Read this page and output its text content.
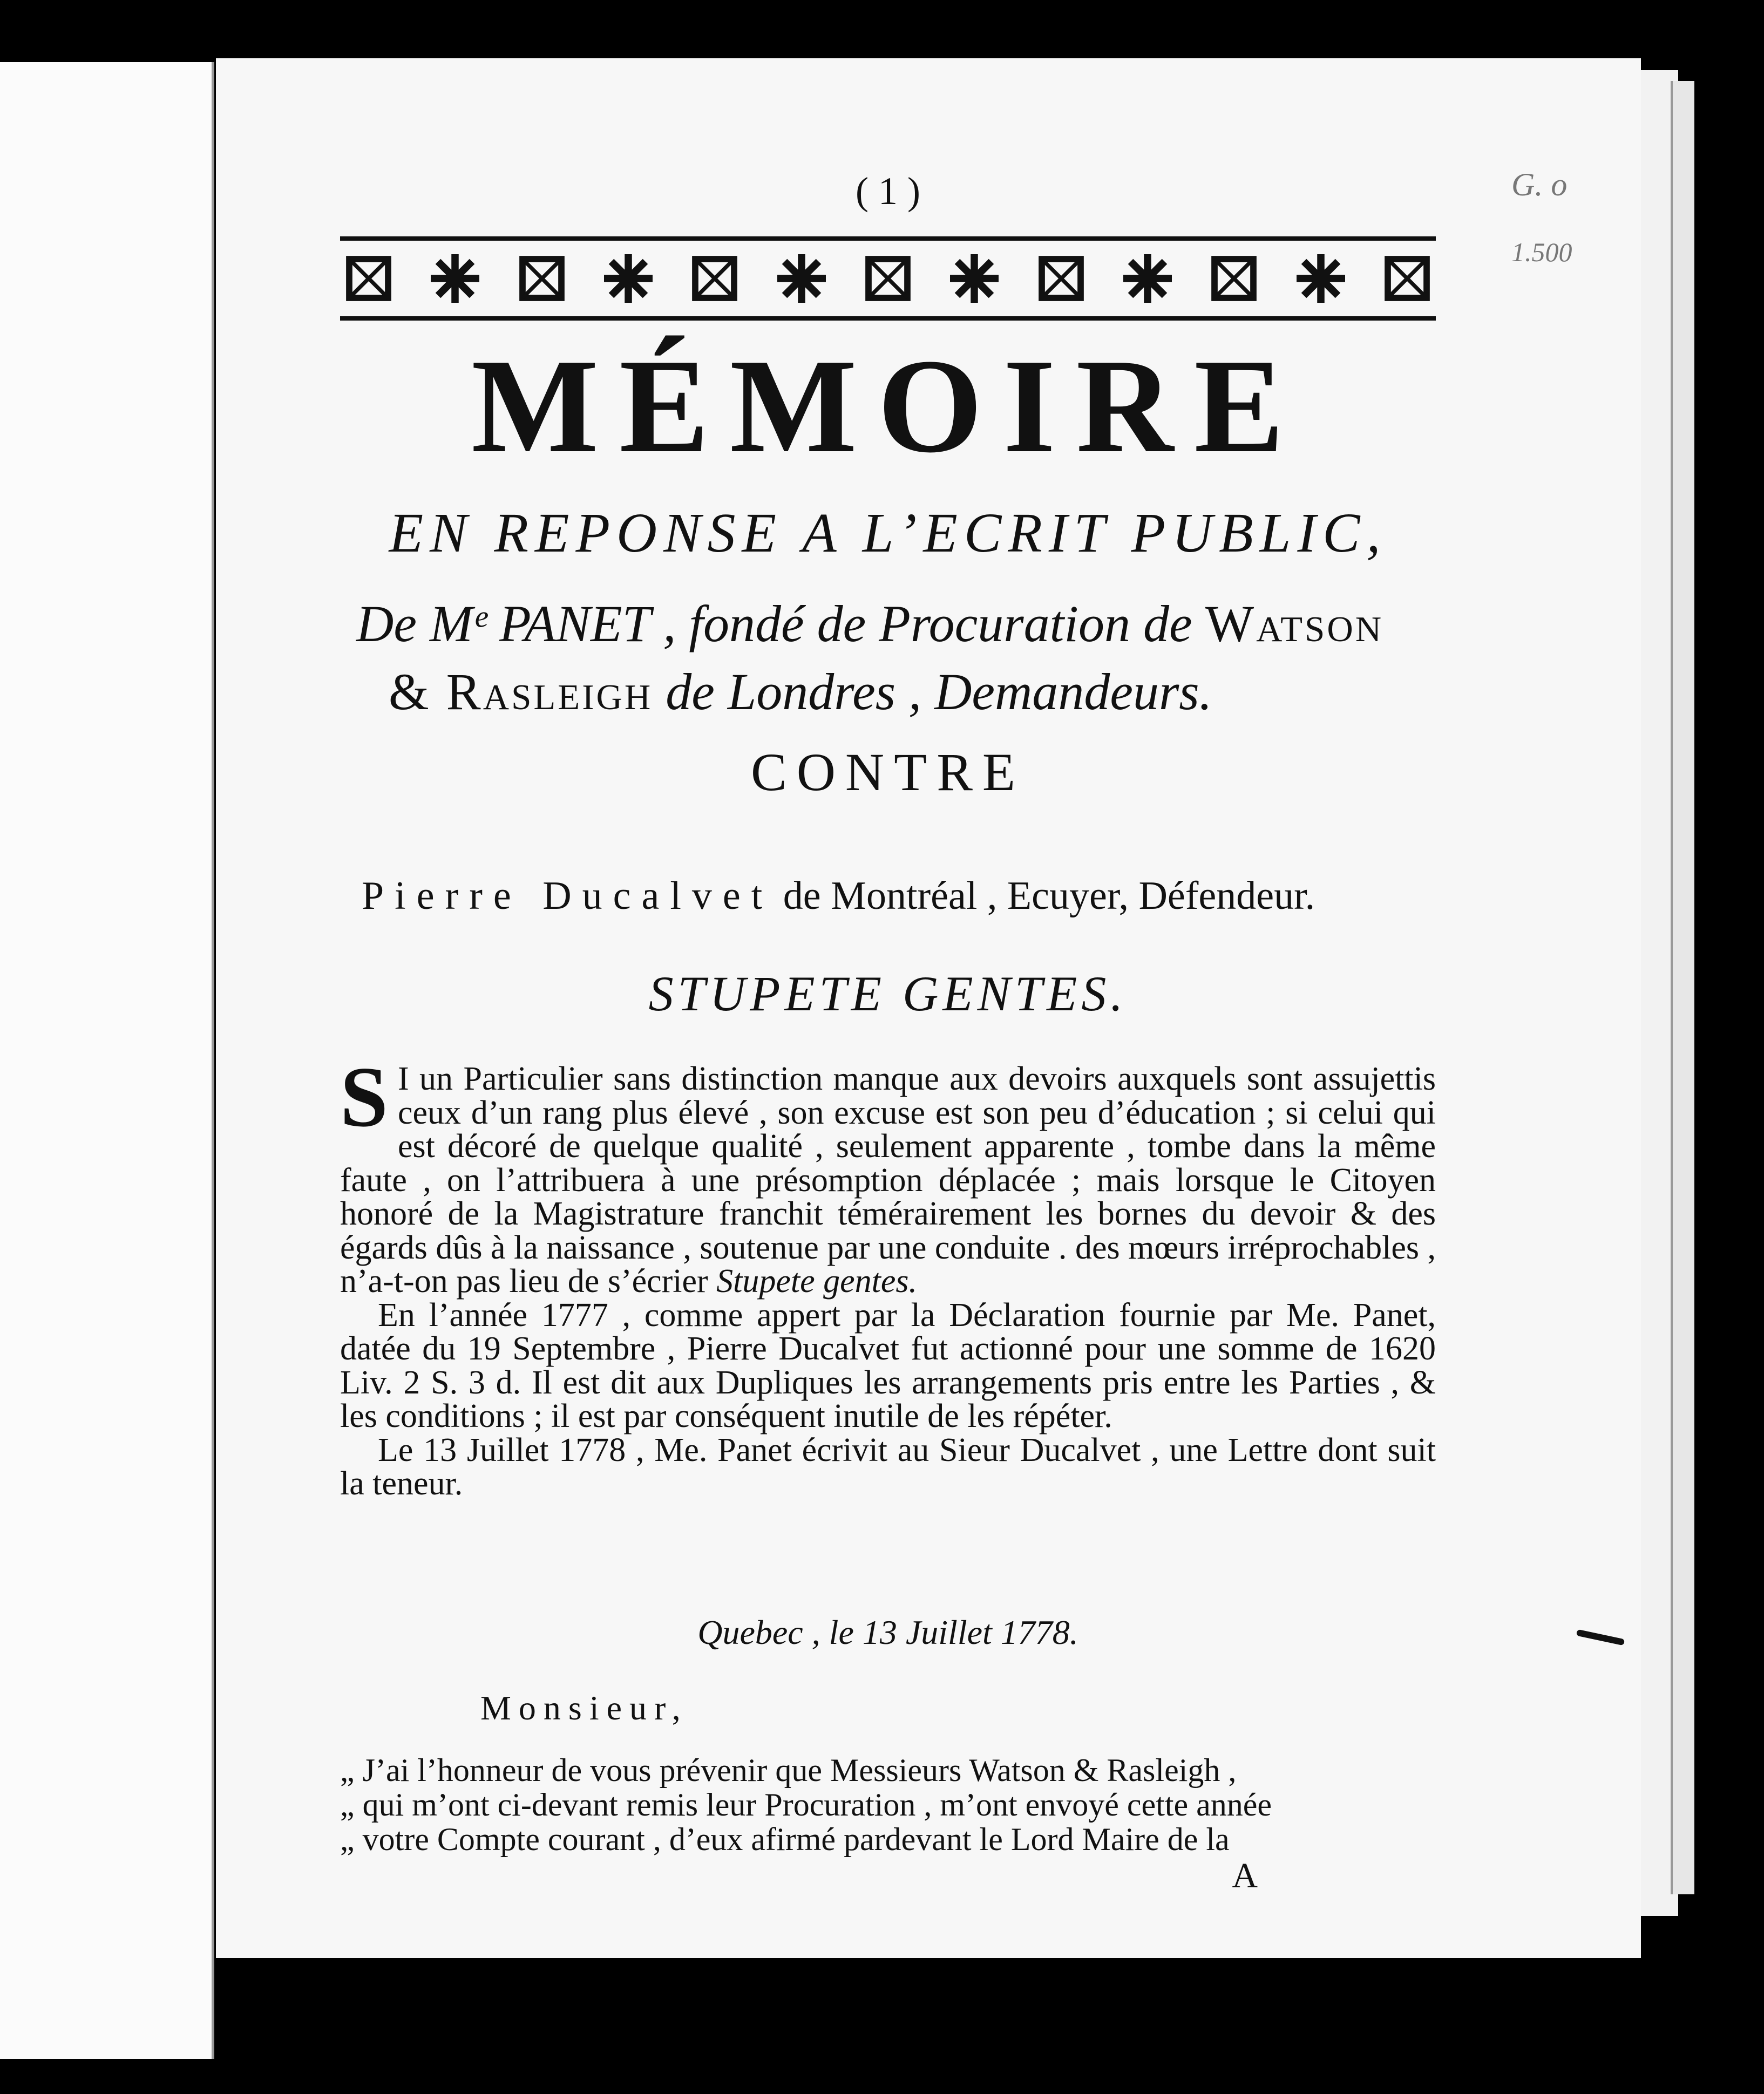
( 1 )
MÉMOIRE
EN REPONSE A L’ECRIT PUBLIC,
De Mᵉ PANET , fondé de Procuration de Watson
& Rasleigh de Londres , Demandeurs.
CONTRE
Pierre Ducalvet de Montréal , Ecuyer, Défendeur.
STUPETE GENTES.

S I un Particulier sans distinction manque aux devoirs auxquels sont assujettis ceux d’un rang plus élevé , son excuse est son peu d’éducation ; si celui qui est décoré de quelque qualité , seulement apparente , tombe dans la même faute , on l’attribuera à une présomption déplacée ; mais lorsque le Citoyen honoré de la Magistrature franchit témérairement les bornes du devoir & des égards dûs à la naissance , soutenue par une conduite . des mœurs irréprochables , n’a-t-on pas lieu de s’écrier Stupete gentes.

En l’année 1777 , comme appert par la Déclaration fournie par Me. Panet, datée du 19 Septembre , Pierre Ducalvet fut actionné pour une somme de 1620 Liv. 2 S. 3 d. Il est dit aux Dupliques les arrangements pris entre les Parties , & les conditions ; il est par conséquent inutile de les répéter.

Le 13 Juillet 1778 , Me. Panet écrivit au Sieur Ducalvet , une Lettre dont suit la teneur.

Quebec , le 13 Juillet 1778.
Monsieur,

„ J’ai l’honneur de vous prévenir que Messieurs Watson & Rasleigh ,

„ qui m’ont ci-devant remis leur Procuration , m’ont envoyé cette année

„ votre Compte courant , d’eux afirmé pardevant le Lord Maire de la

A
G. o
1.500
